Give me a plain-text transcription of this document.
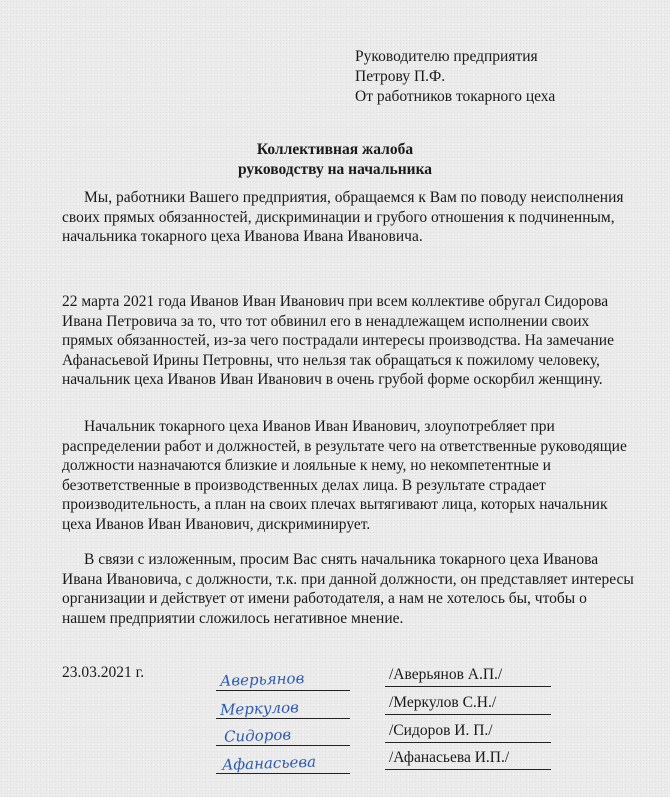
Руководителю предприятия
Петрову П.Ф.
От работников токарного цеха
Коллективная жалоба
руководству на начальника

Мы, работники Вашего предприятия, обращаемся к Вам по поводу неисполнения своих прямых обязанностей, дискриминации и грубого отношения к подчиненным, начальника токарного цеха Иванова Ивана Ивановича.

22 марта 2021 года Иванов Иван Иванович при всем коллективе обругал Сидорова Ивана Петровича за то, что тот обвинил его в ненадлежащем исполнении своих прямых обязанностей, из-за чего пострадали интересы производства. На замечание Афанасьевой Ирины Петровны, что нельзя так обращаться к пожилому человеку, начальник цеха Иванов Иван Иванович в очень грубой форме оскорбил женщину.

Начальник токарного цеха Иванов Иван Иванович, злоупотребляет при распределении работ и должностей, в результате чего на ответственные руководящие должности назначаются близкие и лояльные к нему, но некомпетентные и безответственные в производственных делах лица. В результате страдает производительность, а план на своих плечах вытягивают лица, которых начальник цеха Иванов Иван Иванович, дискриминирует.

В связи с изложенным, просим Вас снять начальника токарного цеха Иванова Ивана Ивановича, с должности, т.к. при данной должности, он представляет интересы организации и действует от имени работодателя, а нам не хотелось бы, чтобы о нашем предприятии сложилось негативное мнение.

23.03.2021 г.	Аверьянов
Меркулов
Сидоров
Афанасьева
/Аверьянов А.П./
/Меркулов С.Н./
/Сидоров И. П./
/Афанасьева И.П./
